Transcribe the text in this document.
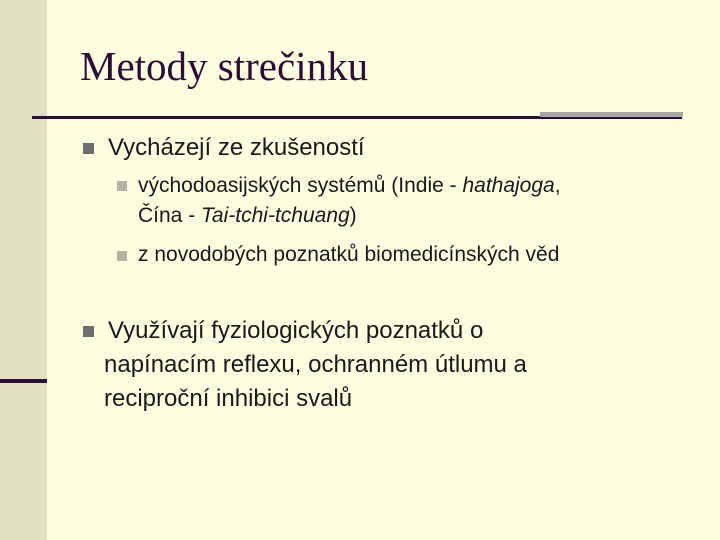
Metody strečinku
Vycházejí ze zkušeností
východoasijských systémů (Indie - hathajoga,
Čína - Tai-tchi-tchuang)
z novodobých poznatků biomedicínských věd
Využívají fyziologických poznatků o
napínacím reflexu, ochranném útlumu a
reciproční inhibici svalů
